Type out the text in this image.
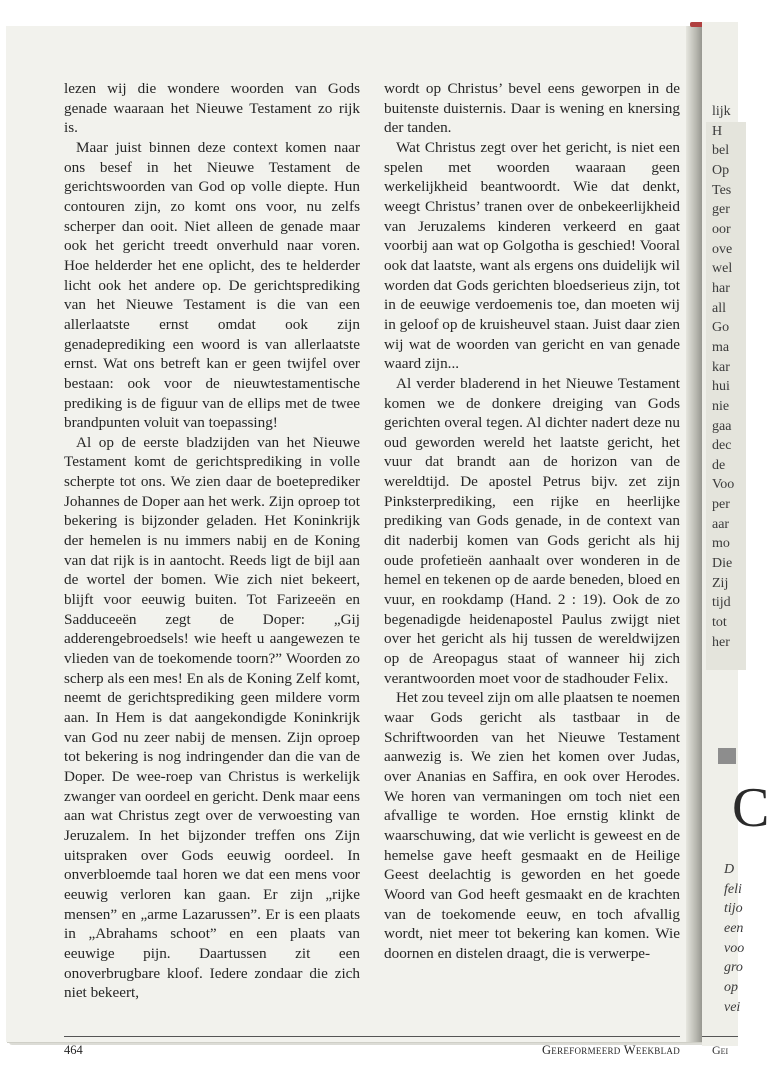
lezen wij die wondere woorden van Gods genade waaraan het Nieuwe Testament zo rijk is.

Maar juist binnen deze context komen naar ons besef in het Nieuwe Testament de gerichtswoorden van God op volle diepte. Hun contouren zijn, zo komt ons voor, nu zelfs scherper dan ooit. Niet alleen de genade maar ook het gericht treedt onverhuld naar voren. Hoe helderder het ene oplicht, des te helderder licht ook het andere op. De gerichtsprediking van het Nieuwe Testament is die van een allerlaatste ernst omdat ook zijn genadeprediking een woord is van allerlaatste ernst. Wat ons betreft kan er geen twijfel over bestaan: ook voor de nieuwtestamentische prediking is de figuur van de ellips met de twee brandpunten voluit van toepassing!

Al op de eerste bladzijden van het Nieuwe Testament komt de gerichtsprediking in volle scherpte tot ons. We zien daar de boeteprediker Johannes de Doper aan het werk. Zijn oproep tot bekering is bijzonder geladen. Het Koninkrijk der hemelen is nu immers nabij en de Koning van dat rijk is in aantocht. Reeds ligt de bijl aan de wortel der bomen. Wie zich niet bekeert, blijft voor eeuwig buiten. Tot Farizeeën en Sadduceeën zegt de Doper: „Gij adderengebroedsels! wie heeft u aangewezen te vlieden van de toekomende toorn?” Woorden zo scherp als een mes! En als de Koning Zelf komt, neemt de gerichtsprediking geen mildere vorm aan. In Hem is dat aangekondigde Koninkrijk van God nu zeer nabij de mensen. Zijn oproep tot bekering is nog indringender dan die van de Doper. De wee-roep van Christus is werkelijk zwanger van oordeel en gericht. Denk maar eens aan wat Christus zegt over de verwoesting van Jeruzalem. In het bijzonder treffen ons Zijn uitspraken over Gods eeuwig oordeel. In onverbloemde taal horen we dat een mens voor eeuwig verloren kan gaan. Er zijn „rijke mensen” en „arme Lazarussen”. Er is een plaats in „Abrahams schoot” en een plaats van eeuwige pijn. Daartussen zit een onoverbrugbare kloof. Iedere zondaar die zich niet bekeert,

wordt op Christus’ bevel eens geworpen in de buitenste duisternis. Daar is wening en knersing der tanden.

Wat Christus zegt over het gericht, is niet een spelen met woorden waaraan geen werkelijkheid beantwoordt. Wie dat denkt, weegt Christus’ tranen over de onbekeerlijkheid van Jeruzalems kinderen verkeerd en gaat voorbij aan wat op Golgotha is geschied! Vooral ook dat laatste, want als ergens ons duidelijk wil worden dat Gods gerichten bloedserieus zijn, tot in de eeuwige verdoemenis toe, dan moeten wij in geloof op de kruisheuvel staan. Juist daar zien wij wat de woorden van gericht en van genade waard zijn...

Al verder bladerend in het Nieuwe Testament komen we de donkere dreiging van Gods gerichten overal tegen. Al dichter nadert deze nu oud geworden wereld het laatste gericht, het vuur dat brandt aan de horizon van de wereldtijd. De apostel Petrus bijv. zet zijn Pinksterprediking, een rijke en heerlijke prediking van Gods genade, in de context van dit naderbij komen van Gods gericht als hij oude profetieën aanhaalt over wonderen in de hemel en tekenen op de aarde beneden, bloed en vuur, en rookdamp (Hand. 2 : 19). Ook de zo begenadigde heidenapostel Paulus zwijgt niet over het gericht als hij tussen de wereldwijzen op de Areopagus staat of wanneer hij zich verantwoorden moet voor de stadhouder Felix.

Het zou teveel zijn om alle plaatsen te noemen waar Gods gericht als tastbaar in de Schriftwoorden van het Nieuwe Testament aanwezig is. We zien het komen over Judas, over Ananias en Saffira, en ook over Herodes. We horen van vermaningen om toch niet een afvallige te worden. Hoe ernstig klinkt de waarschuwing, dat wie verlicht is geweest en de hemelse gave heeft gesmaakt en de Heilige Geest deelachtig is geworden en het goede Woord van God heeft gesmaakt en de krachten van de toekomende eeuw, en toch afvallig wordt, niet meer tot bekering kan komen. Wie doornen en distelen draagt, die is verwerpe-

464	Gereformeerd Weekblad
lijk
H
bel
Op
Tes
ger
oor
ove
wel
har
all
Go
ma
kar
hui
nie
gaa
dec
de
Voo
per
aar
mo
Die
Zij
tijd
tot
her
C
D
feli
tijo
een
voo
gro
op
vei
Gei
